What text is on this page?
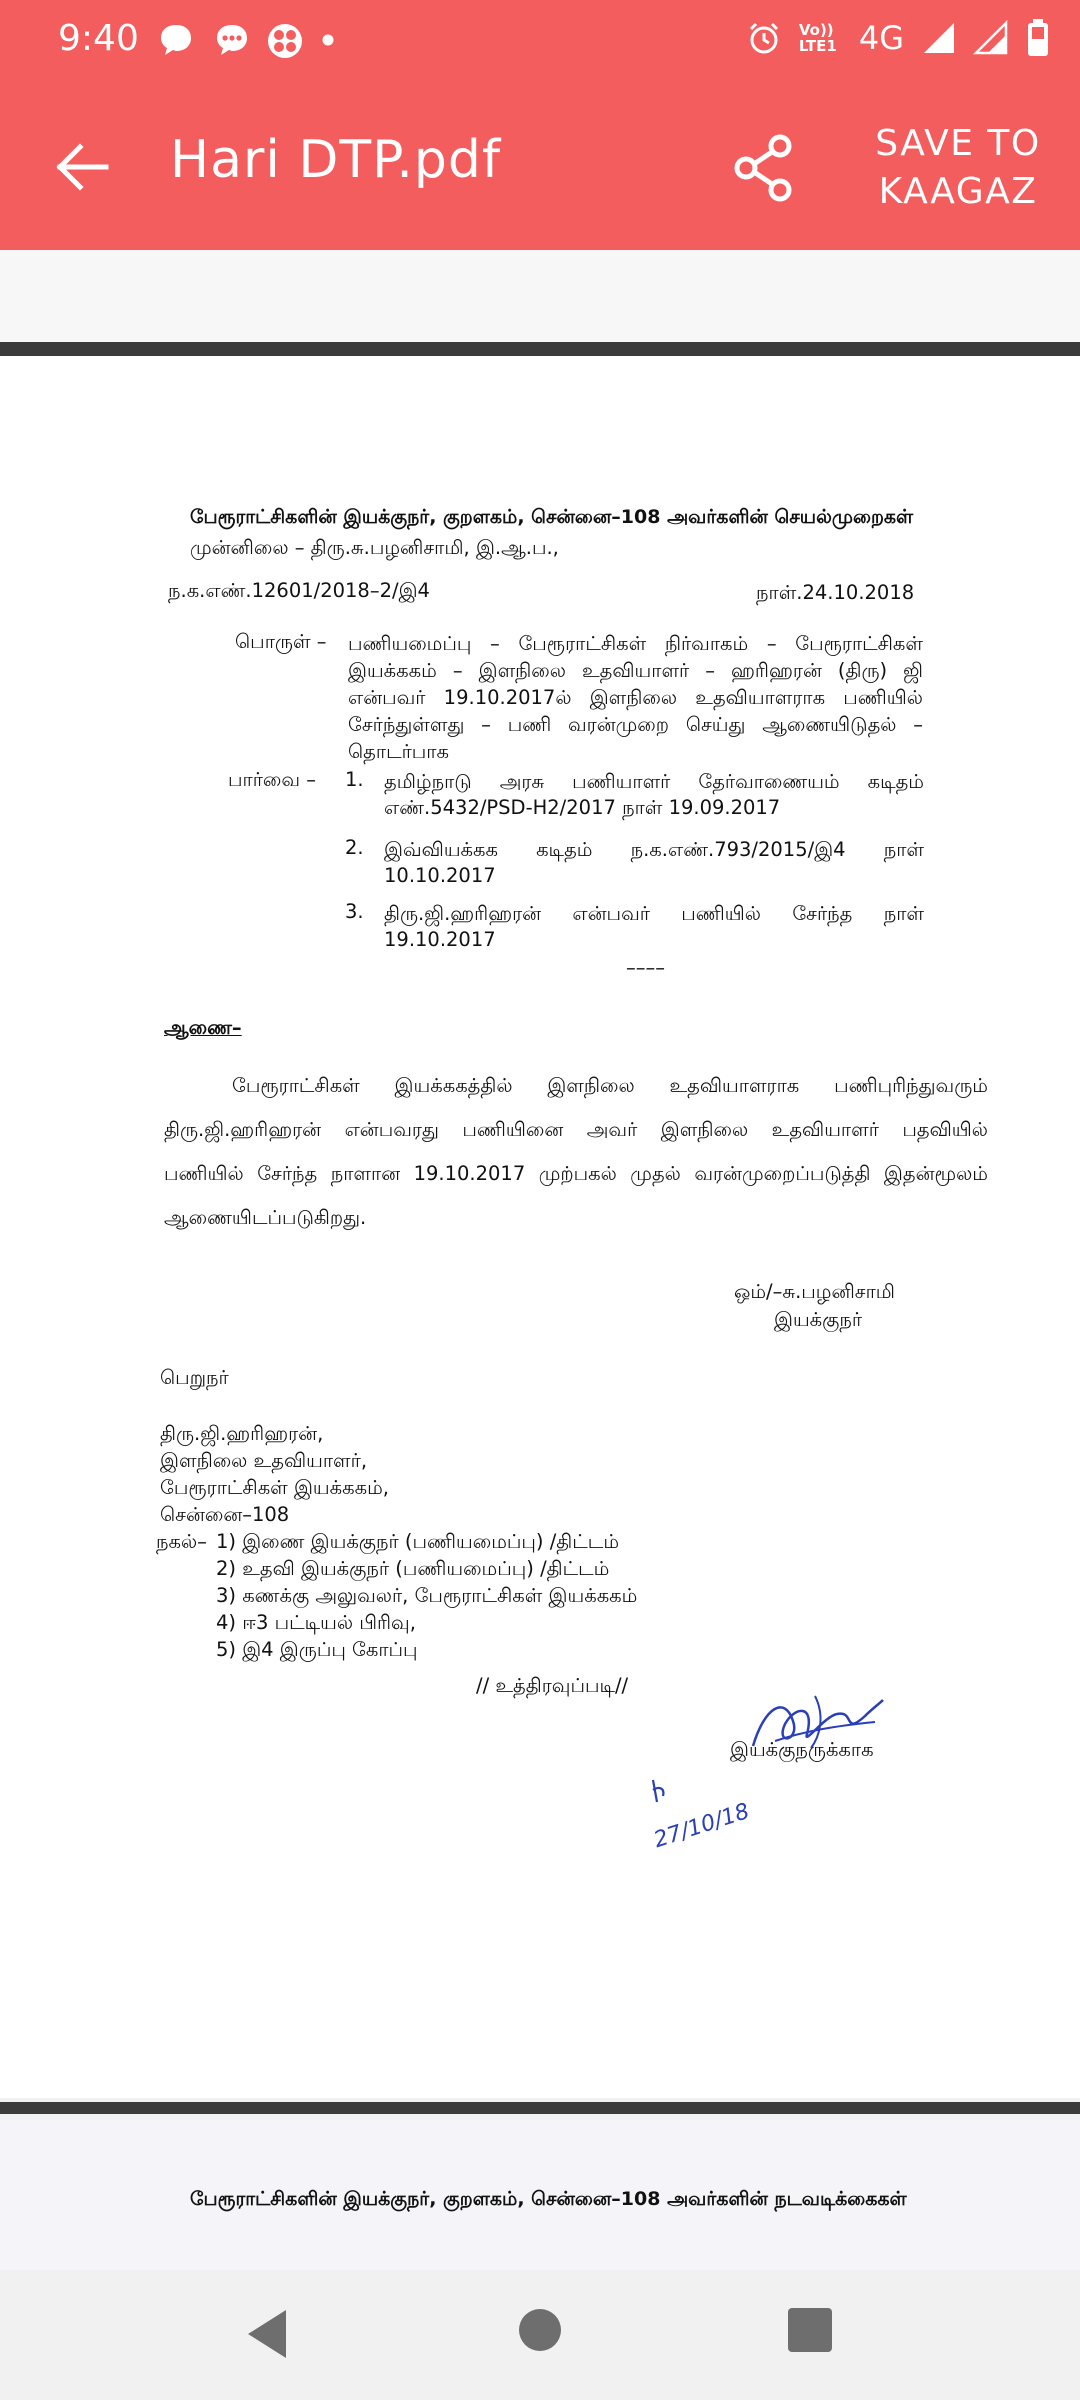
9:40	Vo)) LTE1 4G
Hari DTP.pdf	SAVE TO
KAAGAZ
பேரூராட்சிகளின் இயக்குநர், குறளகம், சென்னை–108 அவர்களின் செயல்முறைகள்
முன்னிலை – திரு.சு.பழனிசாமி, இ.ஆ.ப.,
ந.க.எண்.12601/2018–2/இ4	நாள்.24.10.2018
பொருள் – பணியமைப்பு – பேரூராட்சிகள் நிர்வாகம் – பேரூராட்சிகள்
இயக்ககம் – இளநிலை உதவியாளர் – ஹரிஹரன் (திரு) ஜி
என்பவர் 19.10.2017ல் இளநிலை உதவியாளராக பணியில்
சேர்ந்துள்ளது – பணி வரன்முறை செய்து ஆணையிடுதல் –
தொடர்பாக
பார்வை – 1. தமிழ்நாடு அரசு பணியாளர் தேர்வாணையம் கடிதம்
எண்.5432/PSD-H2/2017 நாள் 19.09.2017
2. இவ்வியக்கக கடிதம் ந.க.எண்.793/2015/இ4 நாள்
10.10.2017
3. திரு.ஜி.ஹரிஹரன் என்பவர் பணியில் சேர்ந்த நாள்
19.10.2017
––––
ஆணை–
பேரூராட்சிகள் இயக்ககத்தில் இளநிலை உதவியாளராக பணிபுரிந்துவரும்
திரு.ஜி.ஹரிஹரன் என்பவரது பணியினை அவர் இளநிலை உதவியாளர் பதவியில்
பணியில் சேர்ந்த நாளான 19.10.2017 முற்பகல் முதல் வரன்முறைப்படுத்தி இதன்மூலம்
ஆணையிடப்படுகிறது.
ஒம்/–சு.பழனிசாமி
இயக்குநர்
பெறுநர்
திரு.ஜி.ஹரிஹரன்,
இளநிலை உதவியாளர்,
பேரூராட்சிகள் இயக்ககம்,
சென்னை–108
நகல்– 1) இணை இயக்குநர் (பணியமைப்பு) /திட்டம்
2) உதவி இயக்குநர் (பணியமைப்பு) /திட்டம்
3) கணக்கு அலுவலர், பேரூராட்சிகள் இயக்ககம்
4) ஈ3 பட்டியல் பிரிவு,
5) இ4 இருப்பு கோப்பு
// உத்திரவுப்படி//
இயக்குநருக்காக
27/10/18
பேரூராட்சிகளின் இயக்குநர், குறளகம், சென்னை–108 அவர்களின் நடவடிக்கைகள்
